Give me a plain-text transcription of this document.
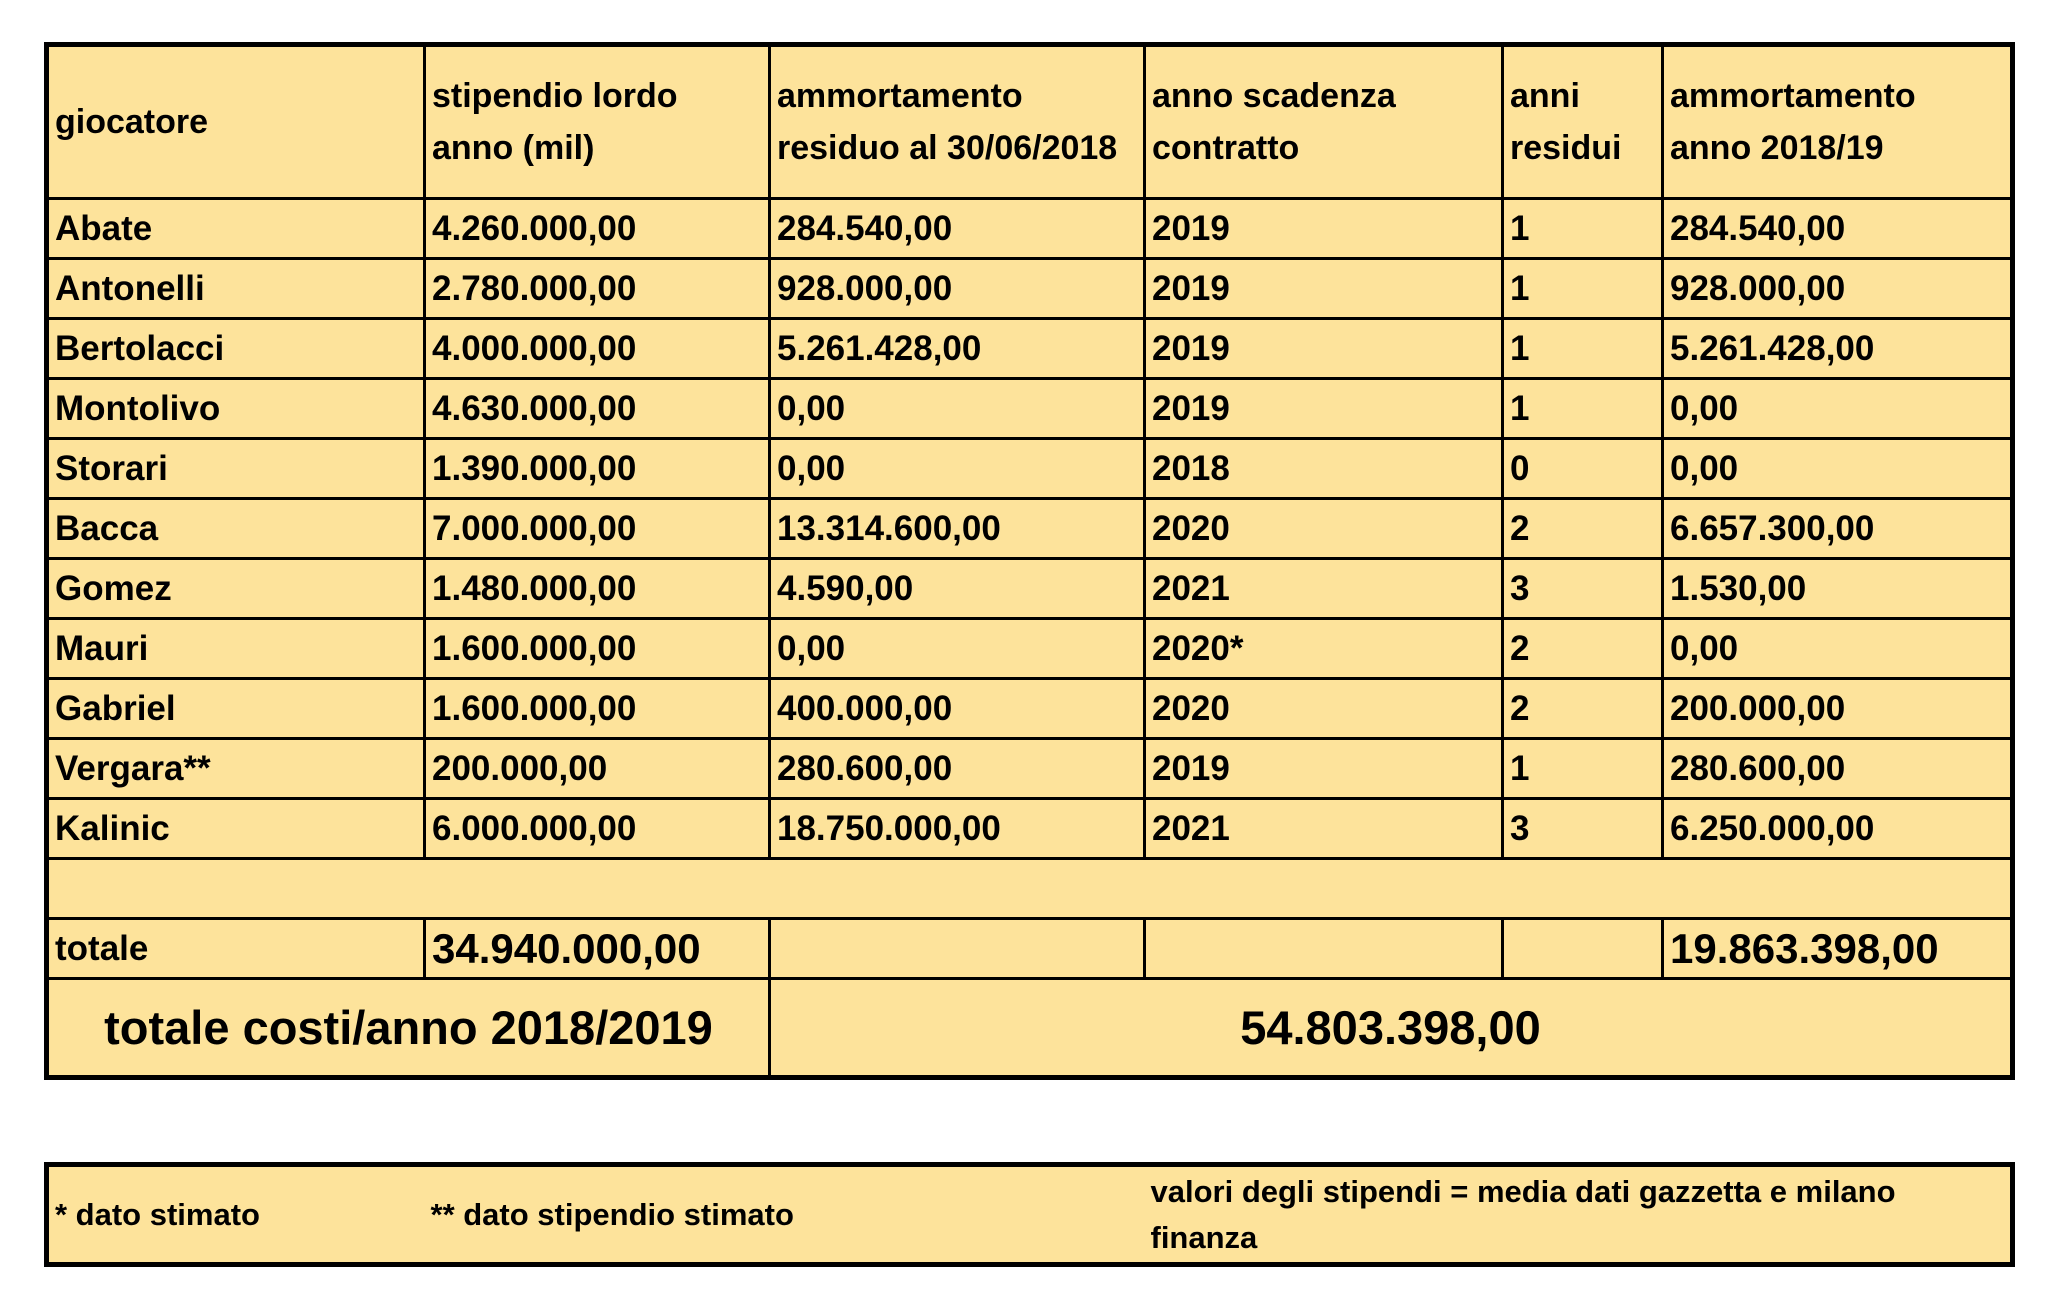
giocatore	stipendio lordo anno (mil)	ammortamento residuo al 30/06/2018	anno scadenza contratto	anni residui	ammortamento anno 2018/19
Abate	4.260.000,00	284.540,00	2019	1	284.540,00
Antonelli	2.780.000,00	928.000,00	2019	1	928.000,00
Bertolacci	4.000.000,00	5.261.428,00	2019	1	5.261.428,00
Montolivo	4.630.000,00	0,00	2019	1	0,00
Storari	1.390.000,00	0,00	2018	0	0,00
Bacca	7.000.000,00	13.314.600,00	2020	2	6.657.300,00
Gomez	1.480.000,00	4.590,00	2021	3	1.530,00
Mauri	1.600.000,00	0,00	2020*	2	0,00
Gabriel	1.600.000,00	400.000,00	2020	2	200.000,00
Vergara**	200.000,00	280.600,00	2019	1	280.600,00
Kalinic	6.000.000,00	18.750.000,00	2021	3	6.250.000,00

totale	34.940.000,00				19.863.398,00
totale costi/anno 2018/2019		54.803.398,00			
* dato stimato	** dato stipendio stimato	valori degli stipendi = media dati gazzetta e milano finanza
